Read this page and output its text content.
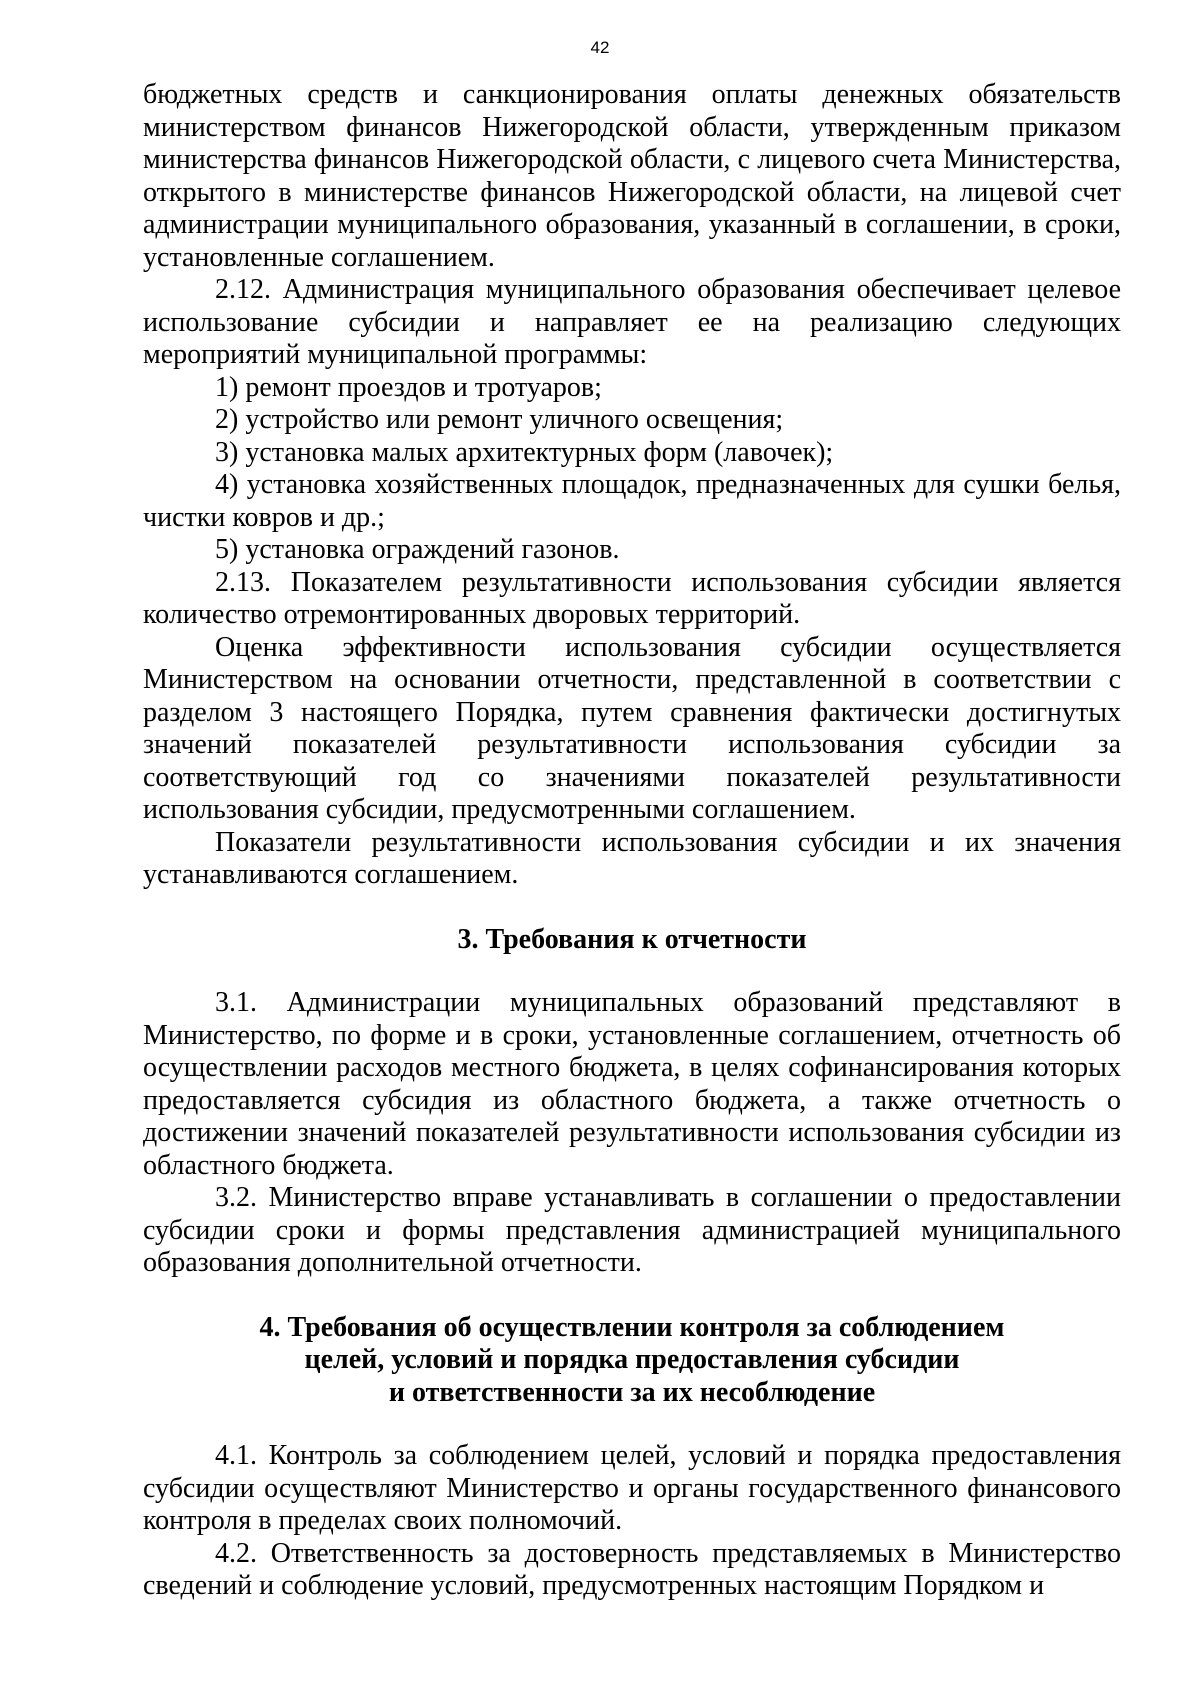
42

бюджетных средств и санкционирования оплаты денежных обязательств министерством финансов Нижегородской области, утвержденным приказом министерства финансов Нижегородской области, с лицевого счета Министерства, открытого в министерстве финансов Нижегородской области, на лицевой счет администрации муниципального образования, указанный в соглашении, в сроки, установленные соглашением.

2.12. Администрация муниципального образования обеспечивает целевое использование субсидии и направляет ее на реализацию следующих мероприятий муниципальной программы:

1) ремонт проездов и тротуаров;

2) устройство или ремонт уличного освещения;

3) установка малых архитектурных форм (лавочек);

4) установка хозяйственных площадок, предназначенных для сушки белья, чистки ковров и др.;

5) установка ограждений газонов.

2.13. Показателем результативности использования субсидии является количество отремонтированных дворовых территорий.

Оценка эффективности использования субсидии осуществляется Министерством на основании отчетности, представленной в соответствии с разделом 3 настоящего Порядка, путем сравнения фактически достигнутых значений показателей результативности использования субсидии за соответствующий год со значениями показателей результативности использования субсидии, предусмотренными соглашением.

Показатели результативности использования субсидии и их значения устанавливаются соглашением.

3. Требования к отчетности

3.1. Администрации муниципальных образований представляют в Министерство, по форме и в сроки, установленные соглашением, отчетность об осуществлении расходов местного бюджета, в целях софинансирования которых предоставляется субсидия из областного бюджета, а также отчетность о достижении значений показателей результативности использования субсидии из областного бюджета.

3.2. Министерство вправе устанавливать в соглашении о предоставлении субсидии сроки и формы представления администрацией муниципального образования дополнительной отчетности.

4. Требования об осуществлении контроля за соблюдением
целей, условий и порядка предоставления субсидии
и ответственности за их несоблюдение

4.1. Контроль за соблюдением целей, условий и порядка предоставления субсидии осуществляют Министерство и органы государственного финансового контроля в пределах своих полномочий.

4.2. Ответственность за достоверность представляемых в Министерство сведений и соблюдение условий, предусмотренных настоящим Порядком и
